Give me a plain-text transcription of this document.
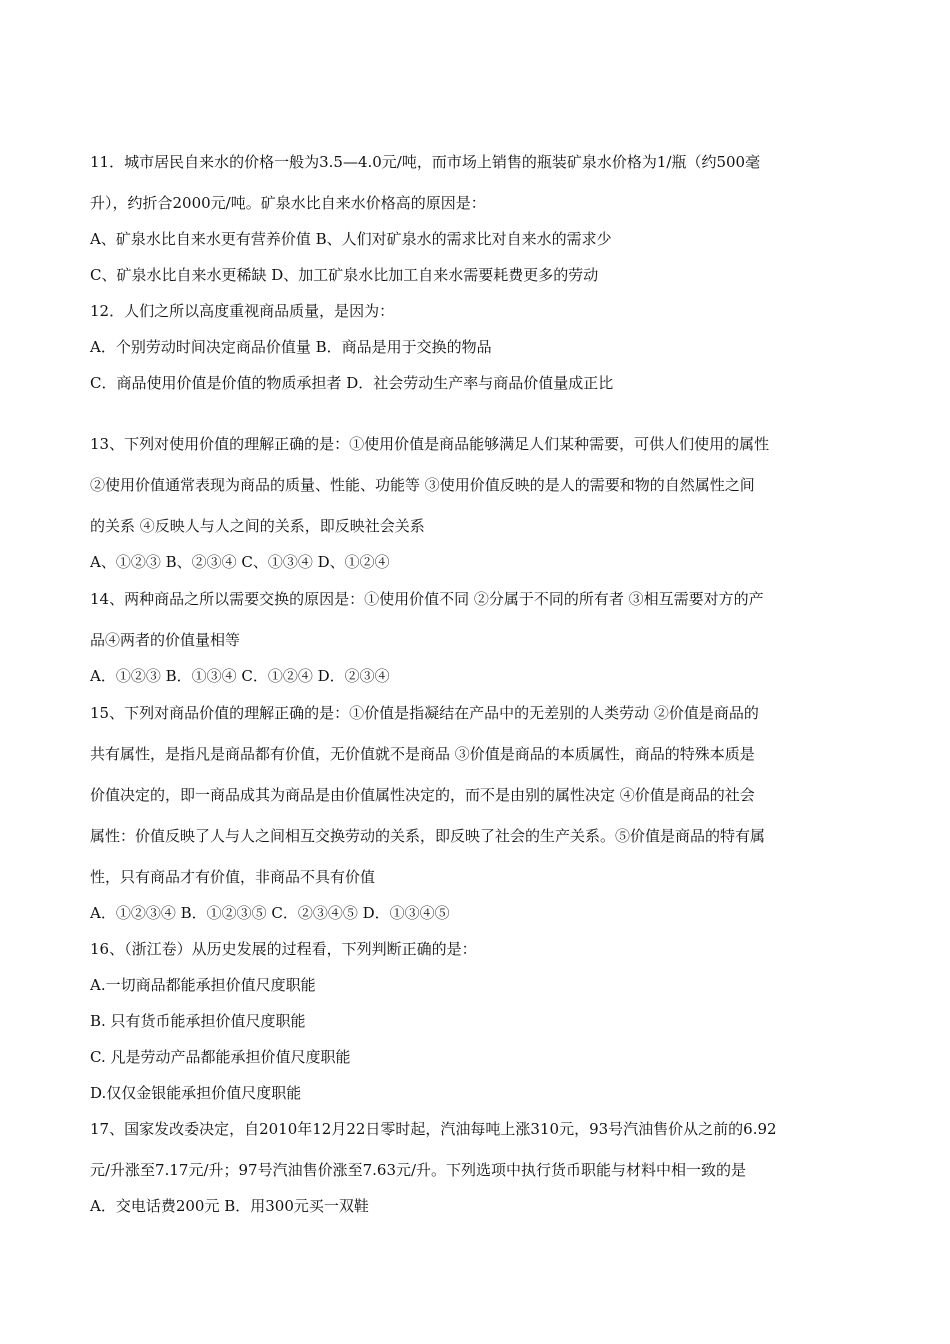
11．城市居民自来水的价格一般为3.5—4.0元/吨，而市场上销售的瓶装矿泉水价格为1/瓶（约500毫
升），约折合2000元/吨。矿泉水比自来水价格高的原因是：
A、矿泉水比自来水更有营养价值 B、人们对矿泉水的需求比对自来水的需求少
C、矿泉水比自来水更稀缺 D、加工矿泉水比加工自来水需要耗费更多的劳动
12．人们之所以高度重视商品质量，是因为：
A．个别劳动时间决定商品价值量 B．商品是用于交换的物品
C．商品使用价值是价值的物质承担者 D．社会劳动生产率与商品价值量成正比
13、下列对使用价值的理解正确的是：①使用价值是商品能够满足人们某种需要，可供人们使用的属性
②使用价值通常表现为商品的质量、性能、功能等 ③使用价值反映的是人的需要和物的自然属性之间
的关系 ④反映人与人之间的关系，即反映社会关系
A、①②③ B、②③④ C、①③④ D、①②④
14、两种商品之所以需要交换的原因是：①使用价值不同 ②分属于不同的所有者 ③相互需要对方的产
品④两者的价值量相等
A．①②③ B．①③④ C．①②④ D．②③④
15、下列对商品价值的理解正确的是：①价值是指凝结在产品中的无差别的人类劳动 ②价值是商品的
共有属性，是指凡是商品都有价值，无价值就不是商品 ③价值是商品的本质属性，商品的特殊本质是
价值决定的，即一商品成其为商品是由价值属性决定的，而不是由别的属性决定 ④价值是商品的社会
属性：价值反映了人与人之间相互交换劳动的关系，即反映了社会的生产关系。⑤价值是商品的特有属
性，只有商品才有价值，非商品不具有价值
A．①②③④ B．①②③⑤ C．②③④⑤ D．①③④⑤
16、（浙江卷）从历史发展的过程看，下列判断正确的是：
A.一切商品都能承担价值尺度职能
B. 只有货币能承担价值尺度职能
C. 凡是劳动产品都能承担价值尺度职能
D.仅仅金银能承担价值尺度职能
17、国家发改委决定，自2010年12月22日零时起，汽油每吨上涨310元，93号汽油售价从之前的6.92
元/升涨至7.17元/升；97号汽油售价涨至7.63元/升。下列选项中执行货币职能与材料中相一致的是
A．交电话费200元 B．用300元买一双鞋
